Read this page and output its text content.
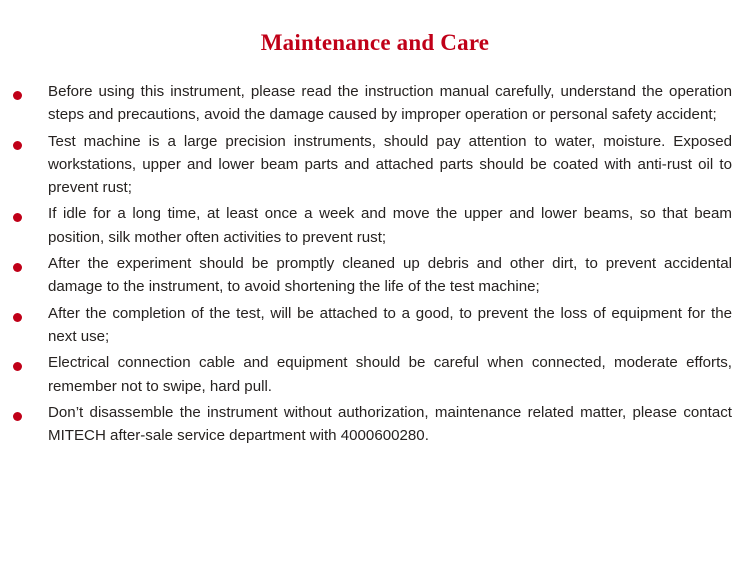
Maintenance and Care
Before using this instrument, please read the instruction manual carefully, understand the operation steps and precautions, avoid the damage caused by improper operation or personal safety accident;
Test machine is a large precision instruments, should pay attention to water, moisture. Exposed workstations, upper and lower beam parts and attached parts should be coated with anti-rust oil to prevent rust;
If idle for a long time, at least once a week and move the upper and lower beams, so that beam position, silk mother often activities to prevent rust;
After the experiment should be promptly cleaned up debris and other dirt, to prevent accidental damage to the instrument, to avoid shortening the life of the test machine;
After the completion of the test, will be attached to a good, to prevent the loss of equipment for the next use;
Electrical connection cable and equipment should be careful when connected, moderate efforts, remember not to swipe, hard pull.
Don’t disassemble the instrument without authorization, maintenance related matter, please contact MITECH after-sale service department with 4000600280.
